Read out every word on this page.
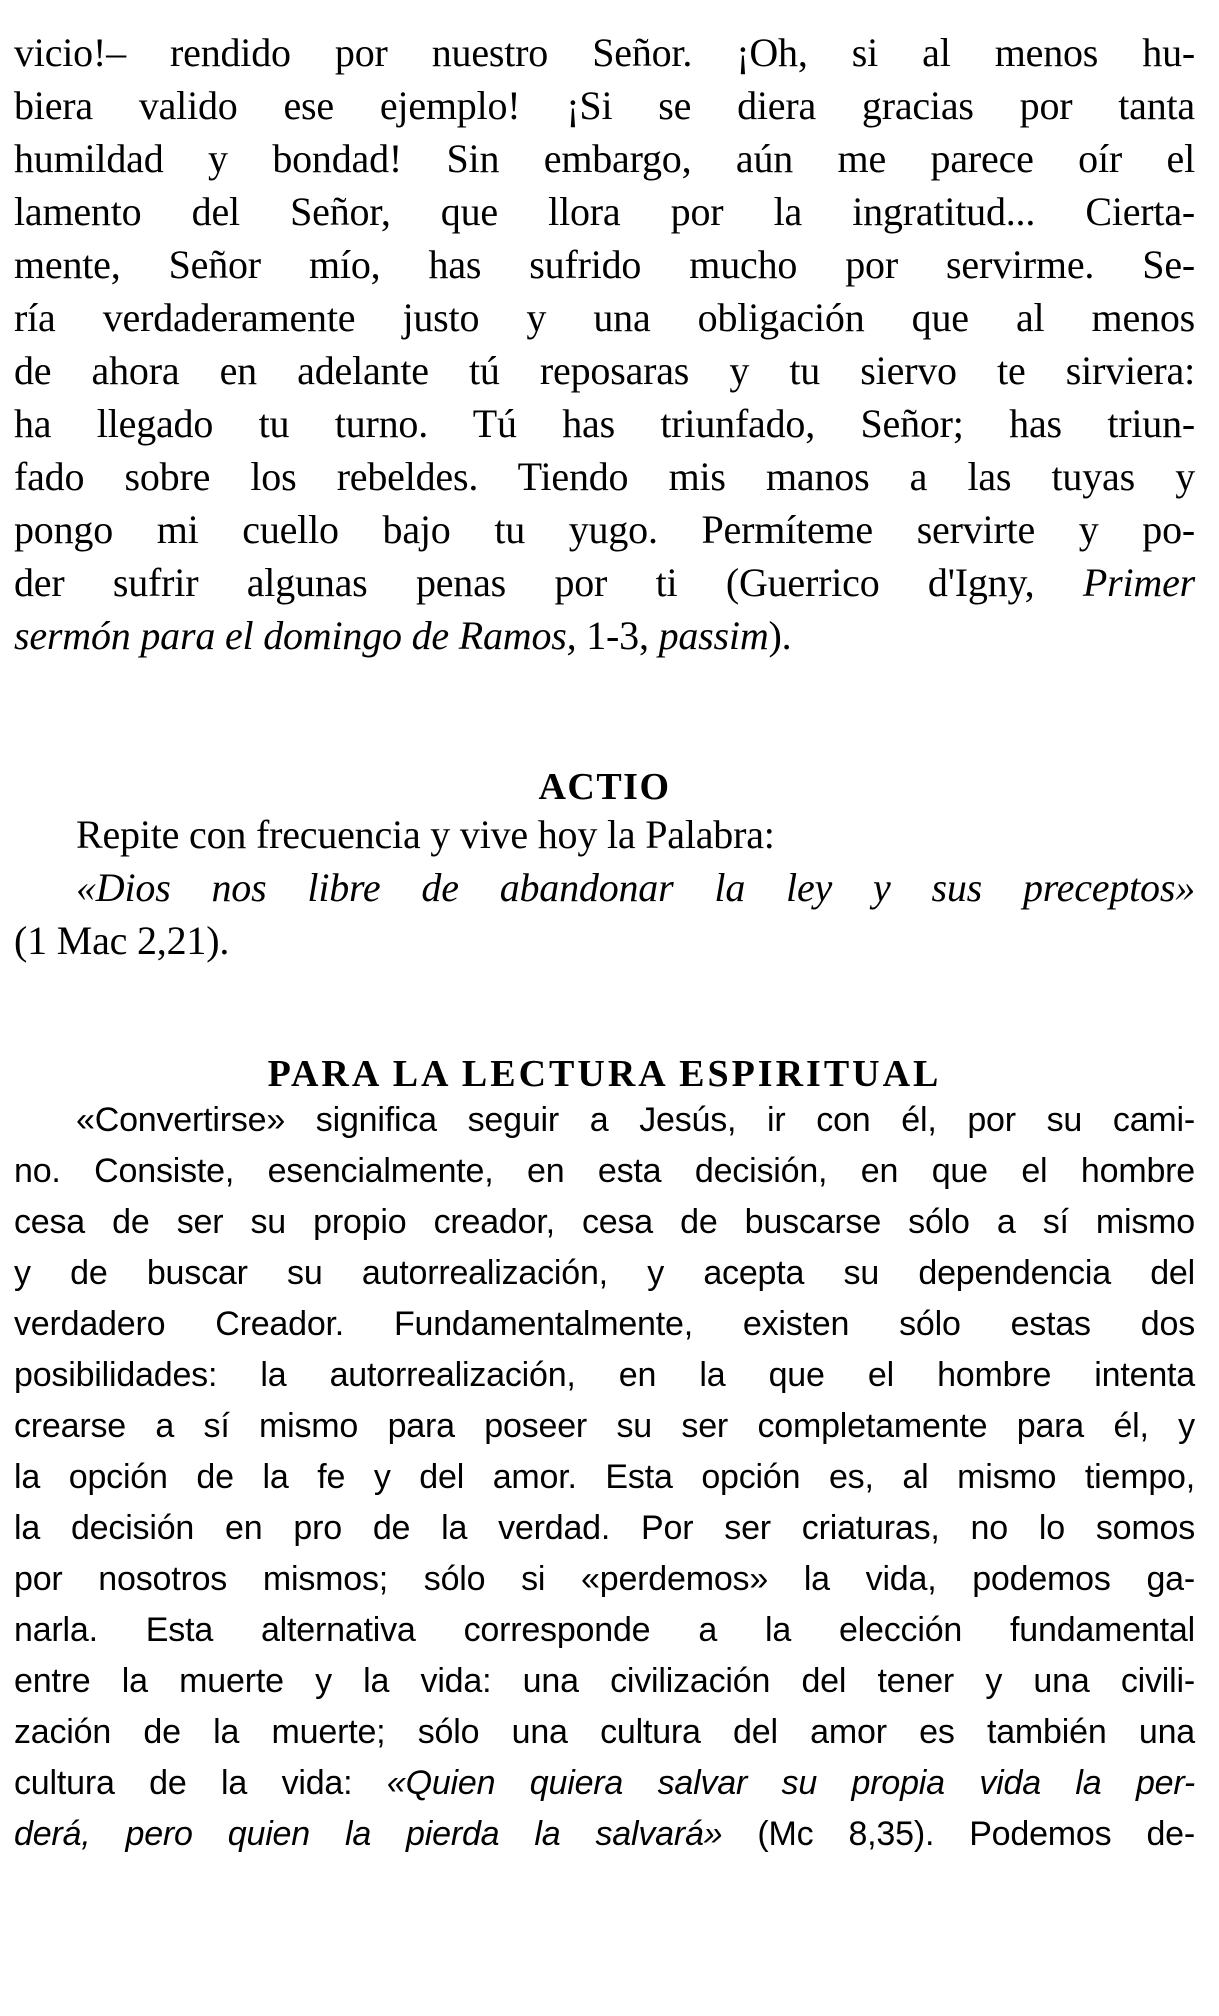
vicio!– rendido por nuestro Señor. ¡Oh, si al menos hu-
biera valido ese ejemplo! ¡Si se diera gracias por tanta
humildad y bondad! Sin embargo, aún me parece oír el
lamento del Señor, que llora por la ingratitud... Cierta-
mente, Señor mío, has sufrido mucho por servirme. Se-
ría verdaderamente justo y una obligación que al menos
de ahora en adelante tú reposaras y tu siervo te sirviera:
ha llegado tu turno. Tú has triunfado, Señor; has triun-
fado sobre los rebeldes. Tiendo mis manos a las tuyas y
pongo mi cuello bajo tu yugo. Permíteme servirte y po-
der sufrir algunas penas por ti (Guerrico d'Igny, Primer
sermón para el domingo de Ramos, 1-3, passim).
ACTIO
Repite con frecuencia y vive hoy la Palabra:
«Dios nos libre de abandonar la ley y sus preceptos»
(1 Mac 2,21).
PARA LA LECTURA ESPIRITUAL
«Convertirse» significa seguir a Jesús, ir con él, por su cami-
no. Consiste, esencialmente, en esta decisión, en que el hombre
cesa de ser su propio creador, cesa de buscarse sólo a sí mismo
y de buscar su autorrealización, y acepta su dependencia del
verdadero Creador. Fundamentalmente, existen sólo estas dos
posibilidades: la autorrealización, en la que el hombre intenta
crearse a sí mismo para poseer su ser completamente para él, y
la opción de la fe y del amor. Esta opción es, al mismo tiempo,
la decisión en pro de la verdad. Por ser criaturas, no lo somos
por nosotros mismos; sólo si «perdemos» la vida, podemos ga-
narla. Esta alternativa corresponde a la elección fundamental
entre la muerte y la vida: una civilización del tener y una civili-
zación de la muerte; sólo una cultura del amor es también una
cultura de la vida: «Quien quiera salvar su propia vida la per-
derá, pero quien la pierda la salvará» (Mc 8,35). Podemos de-
